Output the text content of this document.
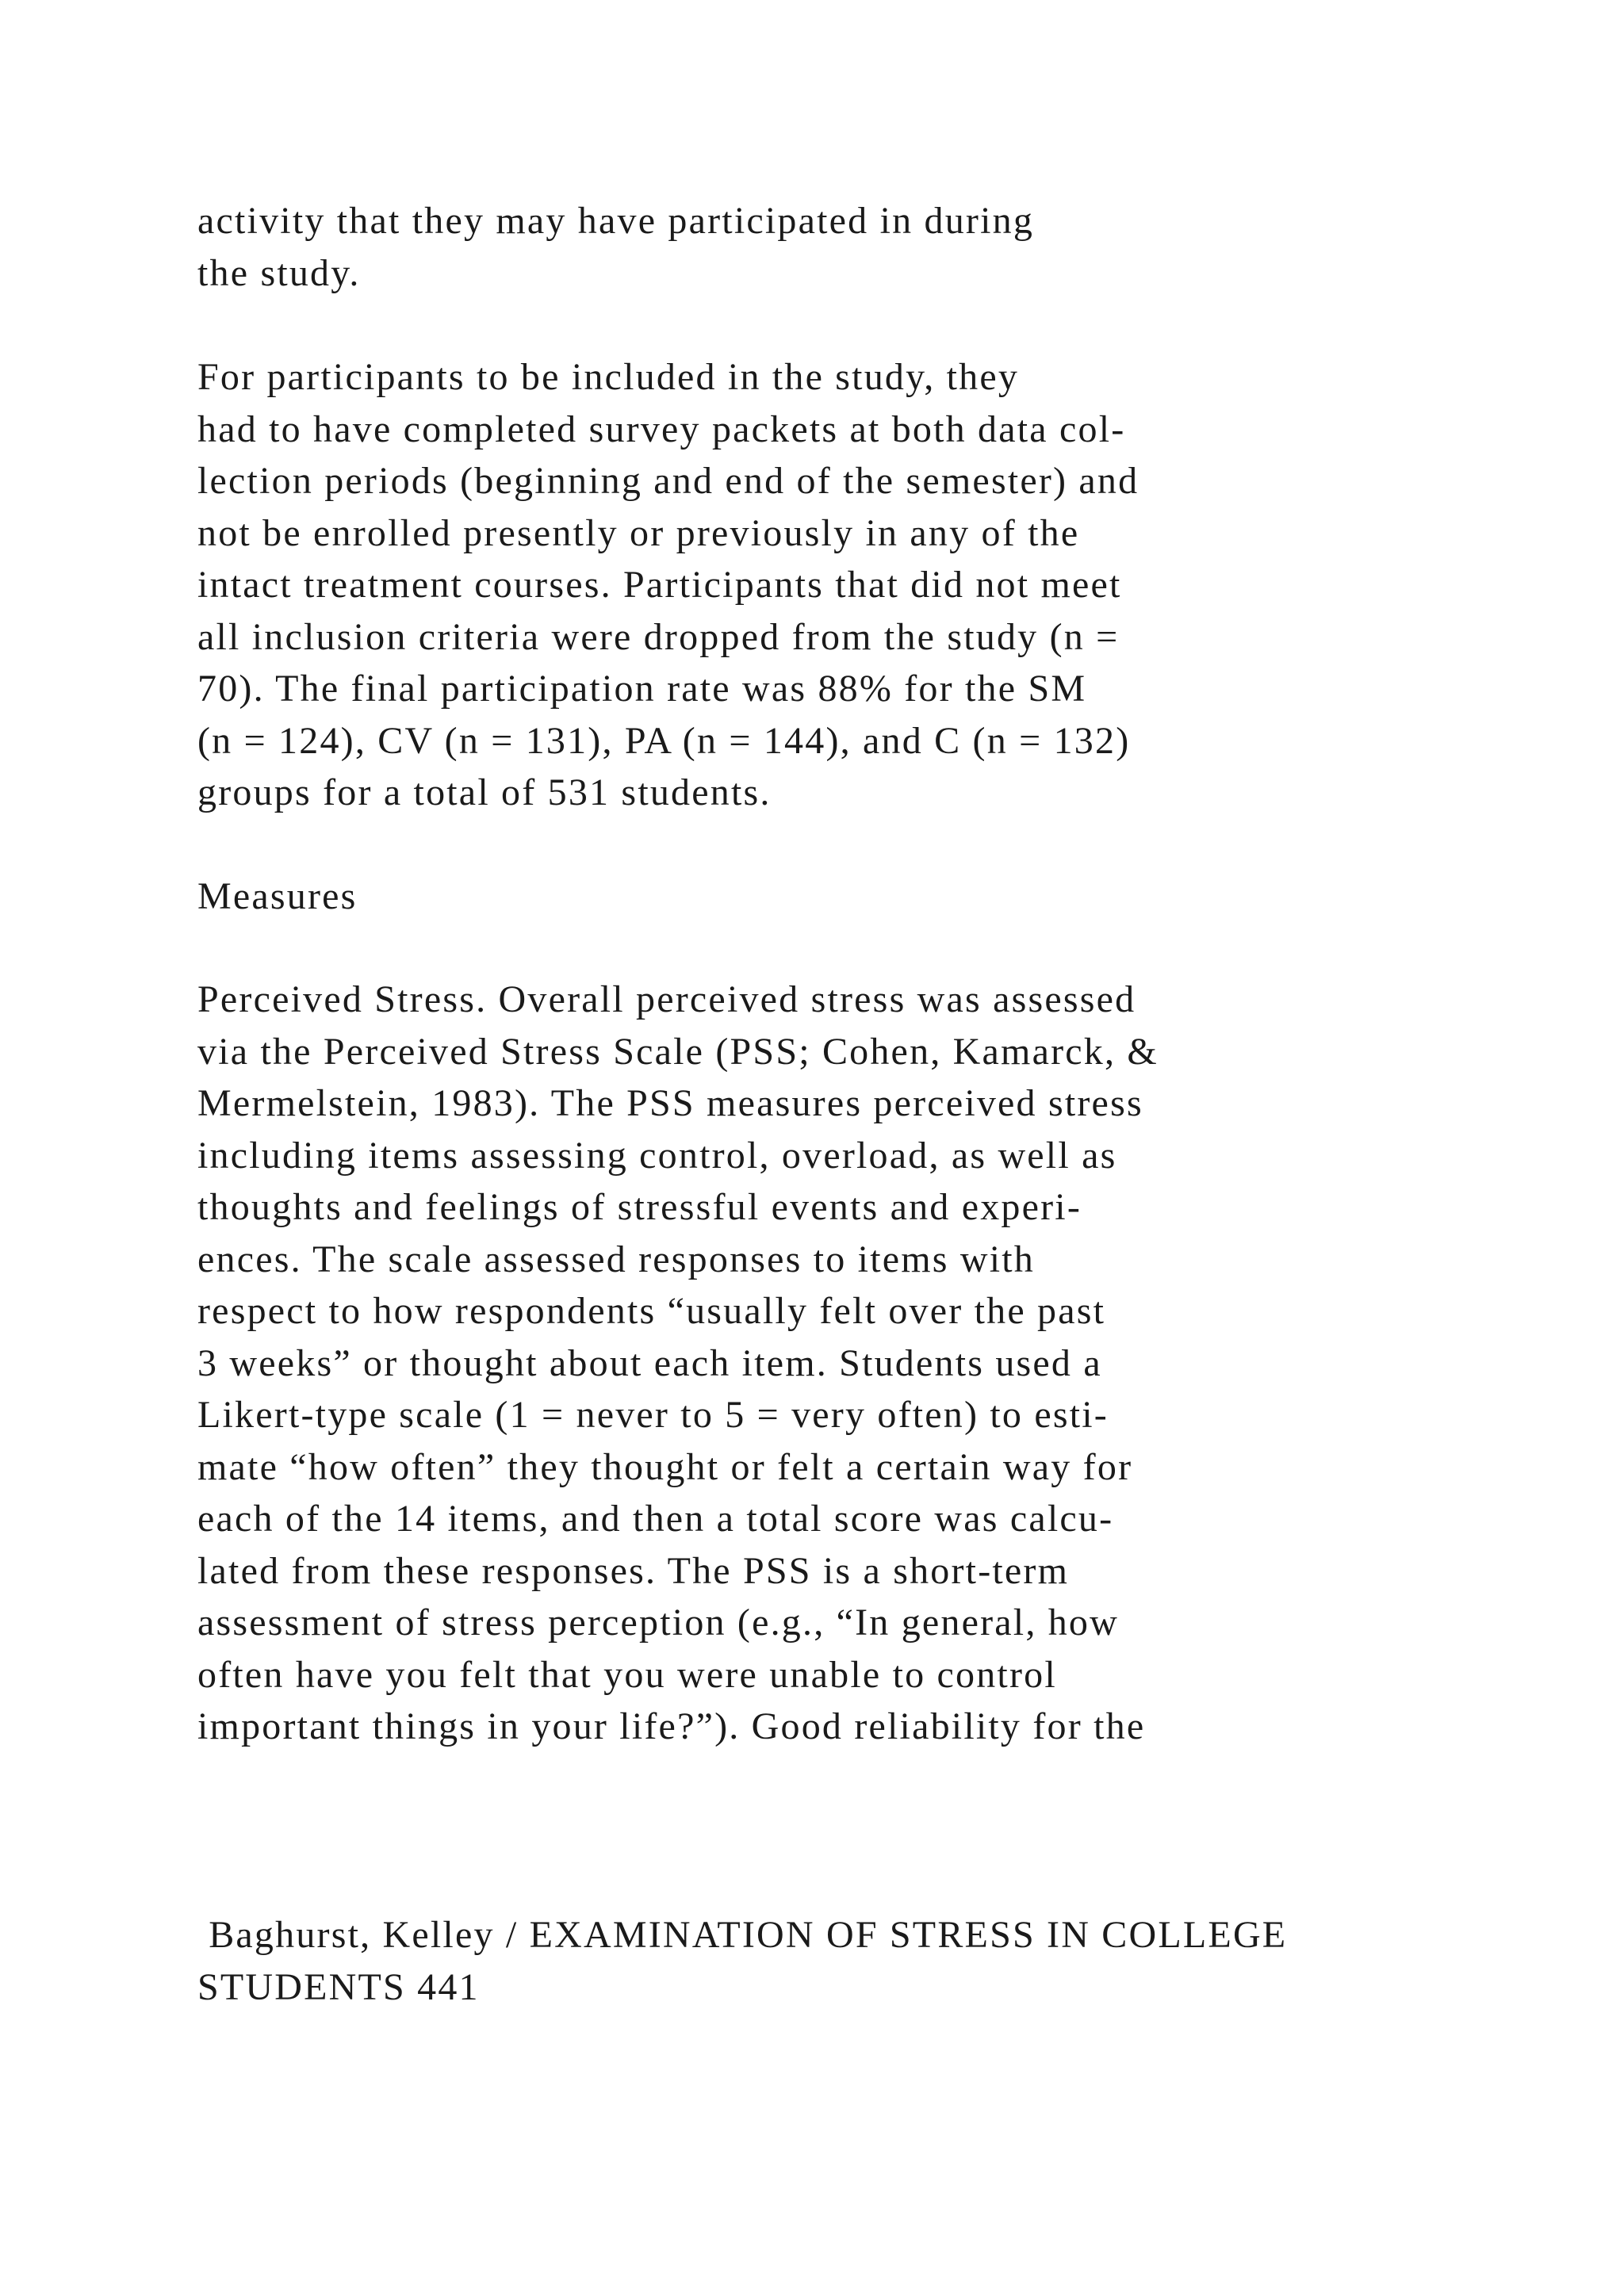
activity that they may have participated in during
the study.

For participants to be included in the study, they
had to have completed survey packets at both data col-
lection periods (beginning and end of the semester) and
not be enrolled presently or previously in any of the
intact treatment courses. Participants that did not meet
all inclusion criteria were dropped from the study (n =
70). The final participation rate was 88% for the SM
(n = 124), CV (n = 131), PA (n = 144), and C (n = 132)
groups for a total of 531 students.

Measures

Perceived Stress. Overall perceived stress was assessed
via the Perceived Stress Scale (PSS; Cohen, Kamarck, &
Mermelstein, 1983). The PSS measures perceived stress
including items assessing control, overload, as well as
thoughts and feelings of stressful events and experi-
ences. The scale assessed responses to items with
respect to how respondents “usually felt over the past
3 weeks” or thought about each item. Students used a
Likert-type scale (1 = never to 5 = very often) to esti-
mate “how often” they thought or felt a certain way for
each of the 14 items, and then a total score was calcu-
lated from these responses. The PSS is a short-term
assessment of stress perception (e.g., “In general, how
often have you felt that you were unable to control
important things in your life?”). Good reliability for the

Baghurst, Kelley / EXAMINATION OF STRESS IN COLLEGE
STUDENTS 441
